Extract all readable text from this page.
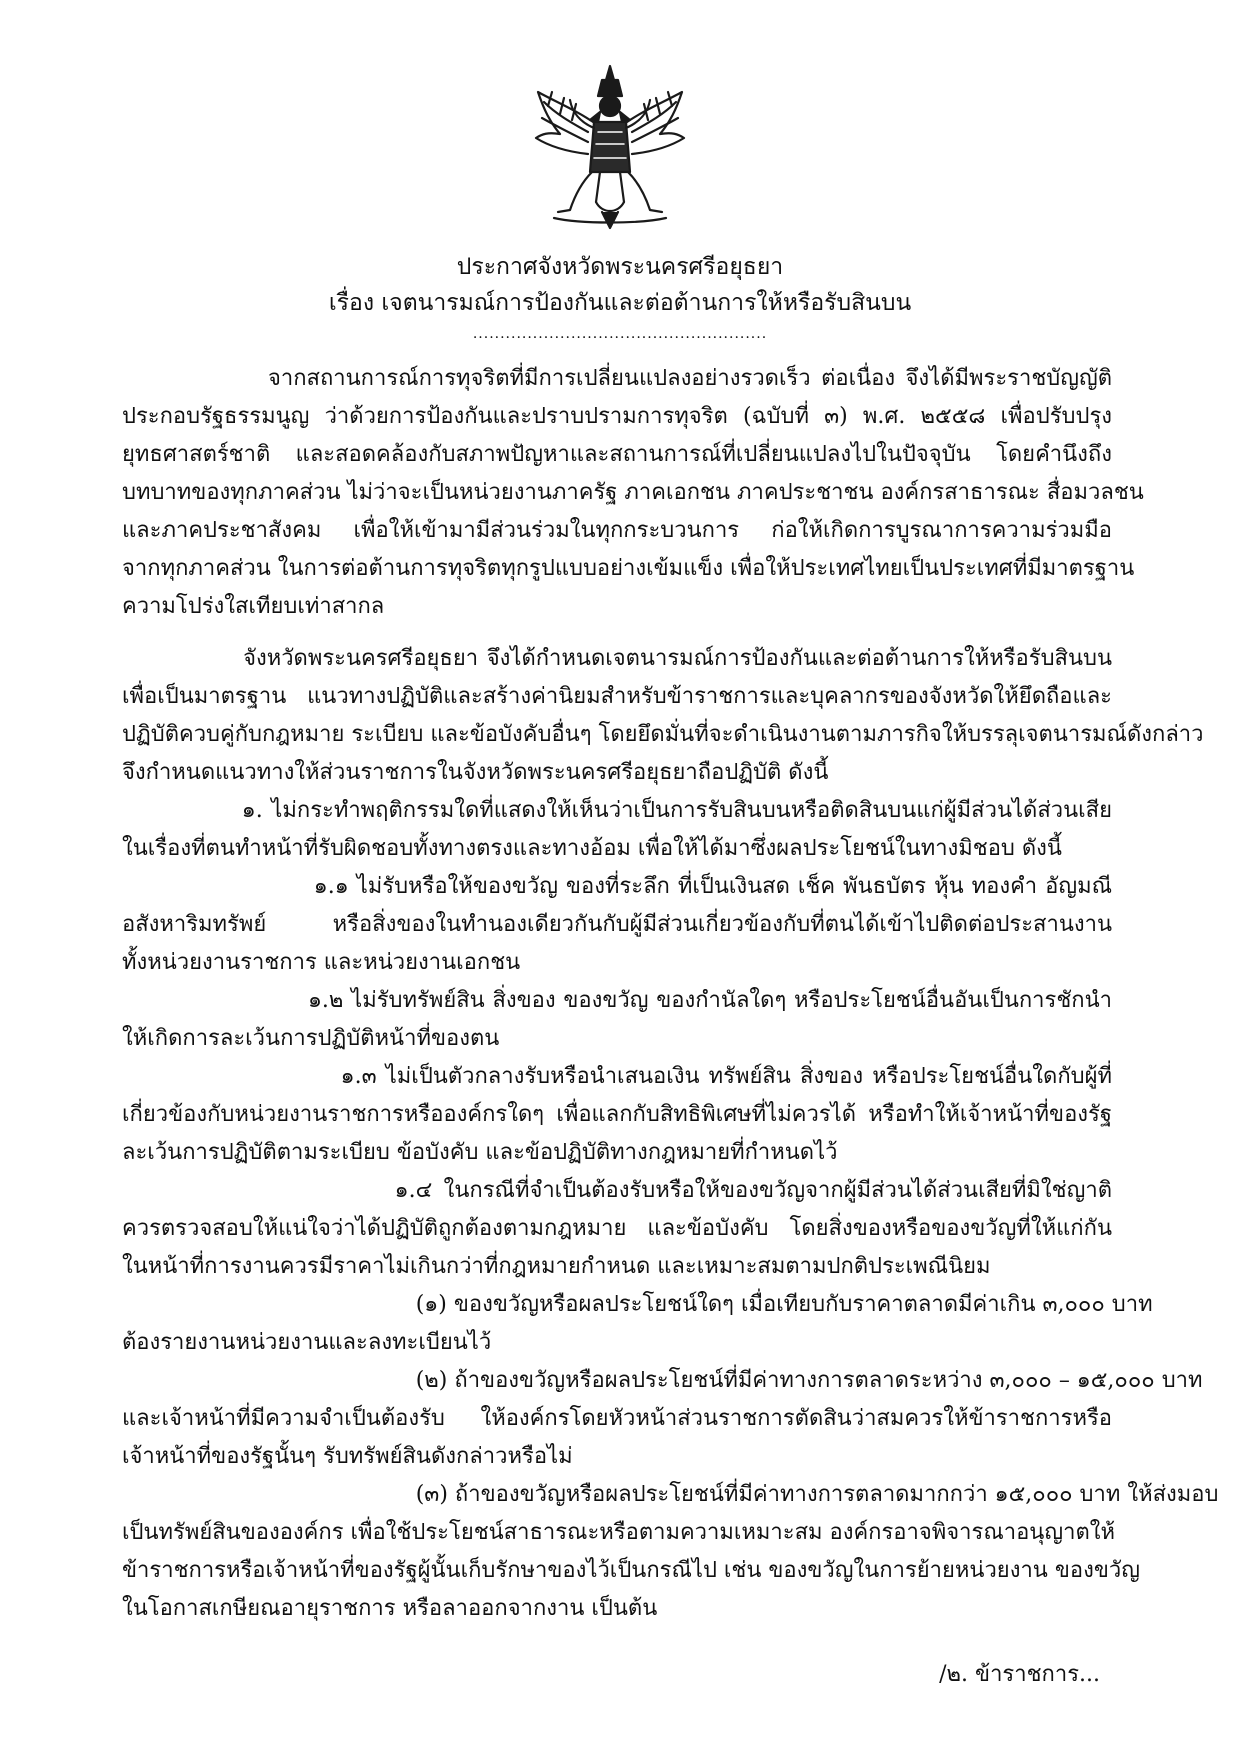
ประกาศจังหวัดพระนครศรีอยุธยา
เรื่อง เจตนารมณ์การป้องกันและต่อต้านการให้หรือรับสินบน
......................................................
จากสถานการณ์การทุจริตที่มีการเปลี่ยนแปลงอย่างรวดเร็ว ต่อเนื่อง จึงได้มีพระราชบัญญัติ
ประกอบรัฐธรรมนูญ ว่าด้วยการป้องกันและปราบปรามการทุจริต (ฉบับที่ ๓) พ.ศ. ๒๕๕๘ เพื่อปรับปรุง
ยุทธศาสตร์ชาติ และสอดคล้องกับสภาพปัญหาและสถานการณ์ที่เปลี่ยนแปลงไปในปัจจุบัน โดยคำนึงถึง
บทบาทของทุกภาคส่วน ไม่ว่าจะเป็นหน่วยงานภาครัฐ ภาคเอกชน ภาคประชาชน องค์กรสาธารณะ สื่อมวลชน
และภาคประชาสังคม เพื่อให้เข้ามามีส่วนร่วมในทุกกระบวนการ ก่อให้เกิดการบูรณาการความร่วมมือ
จากทุกภาคส่วน ในการต่อต้านการทุจริตทุกรูปแบบอย่างเข้มแข็ง เพื่อให้ประเทศไทยเป็นประเทศที่มีมาตรฐาน
ความโปร่งใสเทียบเท่าสากล
จังหวัดพระนครศรีอยุธยา จึงได้กำหนดเจตนารมณ์การป้องกันและต่อต้านการให้หรือรับสินบน
เพื่อเป็นมาตรฐาน แนวทางปฏิบัติและสร้างค่านิยมสำหรับข้าราชการและบุคลากรของจังหวัดให้ยึดถือและ
ปฏิบัติควบคู่กับกฎหมาย ระเบียบ และข้อบังคับอื่นๆ โดยยึดมั่นที่จะดำเนินงานตามภารกิจให้บรรลุเจตนารมณ์ดังกล่าว
จึงกำหนดแนวทางให้ส่วนราชการในจังหวัดพระนครศรีอยุธยาถือปฏิบัติ ดังนี้
๑. ไม่กระทำพฤติกรรมใดที่แสดงให้เห็นว่าเป็นการรับสินบนหรือติดสินบนแก่ผู้มีส่วนได้ส่วนเสีย
ในเรื่องที่ตนทำหน้าที่รับผิดชอบทั้งทางตรงและทางอ้อม เพื่อให้ได้มาซึ่งผลประโยชน์ในทางมิชอบ ดังนี้
๑.๑ ไม่รับหรือให้ของขวัญ ของที่ระลึก ที่เป็นเงินสด เช็ค พันธบัตร หุ้น ทองคำ อัญมณี
อสังหาริมทรัพย์ หรือสิ่งของในทำนองเดียวกันกับผู้มีส่วนเกี่ยวข้องกับที่ตนได้เข้าไปติดต่อประสานงาน
ทั้งหน่วยงานราชการ และหน่วยงานเอกชน
๑.๒ ไม่รับทรัพย์สิน สิ่งของ ของขวัญ ของกำนัลใดๆ หรือประโยชน์อื่นอันเป็นการชักนำ
ให้เกิดการละเว้นการปฏิบัติหน้าที่ของตน
๑.๓ ไม่เป็นตัวกลางรับหรือนำเสนอเงิน ทรัพย์สิน สิ่งของ หรือประโยชน์อื่นใดกับผู้ที่
เกี่ยวข้องกับหน่วยงานราชการหรือองค์กรใดๆ เพื่อแลกกับสิทธิพิเศษที่ไม่ควรได้ หรือทำให้เจ้าหน้าที่ของรัฐ
ละเว้นการปฏิบัติตามระเบียบ ข้อบังคับ และข้อปฏิบัติทางกฎหมายที่กำหนดไว้
๑.๔ ในกรณีที่จำเป็นต้องรับหรือให้ของขวัญจากผู้มีส่วนได้ส่วนเสียที่มิใช่ญาติ
ควรตรวจสอบให้แน่ใจว่าได้ปฏิบัติถูกต้องตามกฎหมาย และข้อบังคับ โดยสิ่งของหรือของขวัญที่ให้แก่กัน
ในหน้าที่การงานควรมีราคาไม่เกินกว่าที่กฎหมายกำหนด และเหมาะสมตามปกติประเพณีนิยม
(๑) ของขวัญหรือผลประโยชน์ใดๆ เมื่อเทียบกับราคาตลาดมีค่าเกิน ๓,๐๐๐ บาท
ต้องรายงานหน่วยงานและลงทะเบียนไว้
(๒) ถ้าของขวัญหรือผลประโยชน์ที่มีค่าทางการตลาดระหว่าง ๓,๐๐๐ – ๑๕,๐๐๐ บาท
และเจ้าหน้าที่มีความจำเป็นต้องรับ ให้องค์กรโดยหัวหน้าส่วนราชการตัดสินว่าสมควรให้ข้าราชการหรือ
เจ้าหน้าที่ของรัฐนั้นๆ รับทรัพย์สินดังกล่าวหรือไม่
(๓) ถ้าของขวัญหรือผลประโยชน์ที่มีค่าทางการตลาดมากกว่า ๑๕,๐๐๐ บาท ให้ส่งมอบ
เป็นทรัพย์สินขององค์กร เพื่อใช้ประโยชน์สาธารณะหรือตามความเหมาะสม องค์กรอาจพิจารณาอนุญาตให้
ข้าราชการหรือเจ้าหน้าที่ของรัฐผู้นั้นเก็บรักษาของไว้เป็นกรณีไป เช่น ของขวัญในการย้ายหน่วยงาน ของขวัญ
ในโอกาสเกษียณอายุราชการ หรือลาออกจากงาน เป็นต้น
/๒. ข้าราชการ...
